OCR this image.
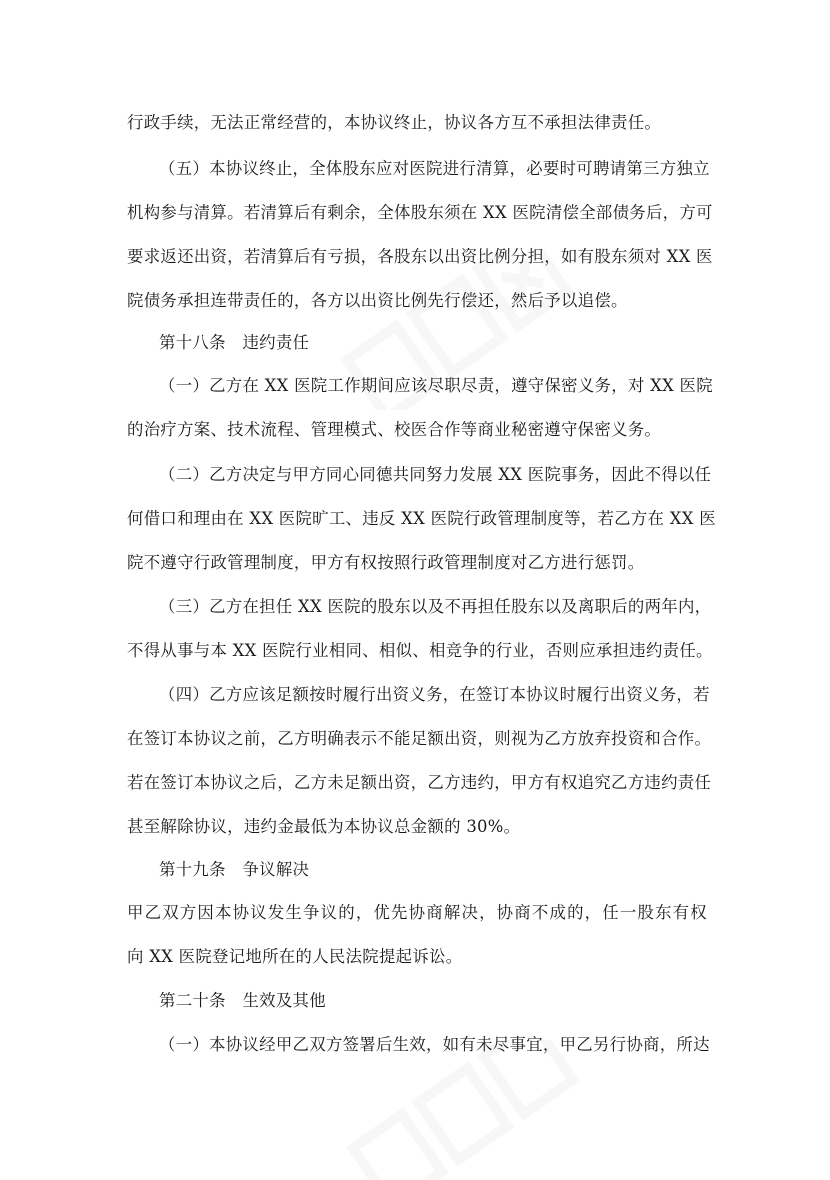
行政手续，无法正常经营的，本协议终止，协议各方互不承担法律责任。
（五）本协议终止，全体股东应对医院进行清算，必要时可聘请第三方独立
机构参与清算。若清算后有剩余，全体股东须在 XX 医院清偿全部债务后，方可
要求返还出资，若清算后有亏损，各股东以出资比例分担，如有股东须对 XX 医
院债务承担连带责任的，各方以出资比例先行偿还，然后予以追偿。
第十八条　违约责任
（一）乙方在 XX 医院工作期间应该尽职尽责，遵守保密义务，对 XX 医院
的治疗方案、技术流程、管理模式、校医合作等商业秘密遵守保密义务。
（二）乙方决定与甲方同心同德共同努力发展 XX 医院事务，因此不得以任
何借口和理由在 XX 医院旷工、违反 XX 医院行政管理制度等，若乙方在 XX 医
院不遵守行政管理制度，甲方有权按照行政管理制度对乙方进行惩罚。
（三）乙方在担任 XX 医院的股东以及不再担任股东以及离职后的两年内，
不得从事与本 XX 医院行业相同、相似、相竞争的行业，否则应承担违约责任。
（四）乙方应该足额按时履行出资义务，在签订本协议时履行出资义务，若
在签订本协议之前，乙方明确表示不能足额出资，则视为乙方放弃投资和合作。
若在签订本协议之后，乙方未足额出资，乙方违约，甲方有权追究乙方违约责任
甚至解除协议，违约金最低为本协议总金额的 30%。
第十九条　争议解决
甲乙双方因本协议发生争议的，优先协商解决，协商不成的，任一股东有权
向 XX 医院登记地所在的人民法院提起诉讼。
第二十条　生效及其他
（一）本协议经甲乙双方签署后生效，如有未尽事宜，甲乙另行协商，所达
